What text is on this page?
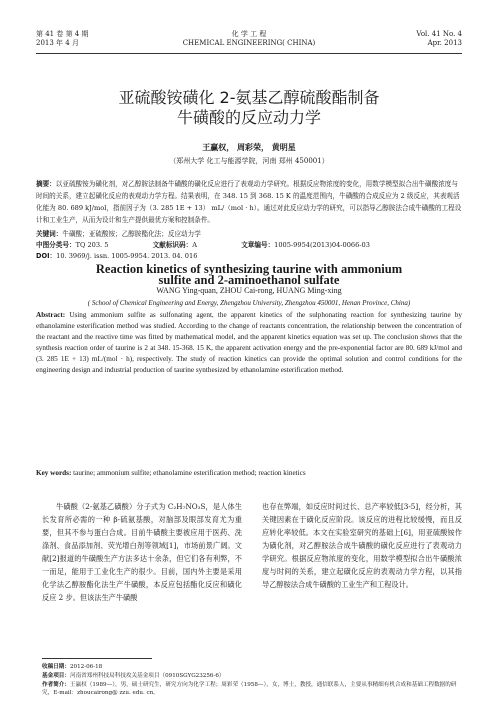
第 41 卷 第 4 期
2013 年 4 月
化 学 工 程
CHEMICAL ENGINEERING( CHINA)
Vol. 41 No. 4
Apr. 2013
亚硫酸铵磺化 2-氨基乙醇硫酸酯制备
牛磺酸的反应动力学
王赢权， 周彩荣， 黄明星
（郑州大学 化工与能源学院，河南 郑州 450001）
摘要：以亚硫酸铵为磺化剂，对乙醇胺法制备牛磺酸的磺化反应进行了表观动力学研究。根据反应物浓度的变化，用数学模型拟合出牛磺酸浓度与时间的关系，建立起磺化反应的表观动力学方程。结果表明，在 348. 15 到 368. 15 K 的温度范围内，牛磺酸的合成反应为 2 级反应，其表观活化能为 80. 689 kJ/mol，指前因子为（3. 285 1E + 13） mL/（mol · h）。通过对此反应动力学的研究，可以指导乙醇胺法合成牛磺酸的工程设计和工业生产，从而为设计和生产提供最优方案和控制条件。
关键词：牛磺酸；亚硫酸铵；乙醇胺酯化法；反应动力学
中图分类号：TQ 203. 5	文献标识码：A	文章编号：1005-9954(2013)04-0066-03
DOI：10. 3969/j. issn. 1005-9954. 2013. 04. 016
Reaction kinetics of synthesizing taurine with ammonium
sulfite and 2-aminoethanol sulfate
WANG Ying-quan, ZHOU Cai-rong, HUANG Ming-xing
( School of Chemical Engineering and Energy, Zhengzhou University, Zhengzhou 450001, Henan Province, China)
Abstract: Using ammonium sulfite as sulfonating agent, the apparent kinetics of the sulphonating reaction for synthesizing taurine by ethanolamine esterification method was studied. According to the change of reactants concentration, the relationship between the concentration of the reactant and the reactive time was fitted by mathematical model, and the apparent kinetics equation was set up. The conclusion shows that the synthesis reaction order of taurine is 2 at 348. 15-368. 15 K, the apparent activation energy and the pre-exponential factor are 80. 689 kJ/mol and (3. 285 1E + 13) mL/(mol · h), respectively. The study of reaction kinetics can provide the optimal solution and control conditions for the engineering design and industrial production of taurine synthesized by ethanolamine esterification method.
Key words: taurine; ammonium sulfite; ethanolamine esterification method; reaction kinetics
牛磺酸（2-氨基乙磺酸）分子式为 C₂H₇NO₃S，是人体生长发育所必需的一种 β-硫氨基酸，对脑部及眼部发育尤为重要，但其不参与蛋白合成。目前牛磺酸主要被应用于医药、洗涤剂、食品添加剂、荧光增白剂等领域[1]，市场前景广阔。文献[2]报道的牛磺酸生产方法多达十余条，但它们各有利弊，不一而足，能用于工业化生产的很少。目前，国内外主要是采用化学法乙醇胺酯化法生产牛磺酸，本反应包括酯化反应和磺化反应 2 步。但该法生产牛磺酸
也存在弊端，如反应时间过长、总产率较低[3-5]，经分析，其关键因素在于磺化反应阶段。该反应的进程比较缓慢，而且反应转化率较低。本文在实验室研究的基础上[6]，用亚硫酸铵作为磺化剂，对乙醇胺法合成牛磺酸的磺化反应进行了表观动力学研究。根据反应物浓度的变化，用数学模型拟合出牛磺酸浓度与时间的关系，建立起磺化反应的表观动力学方程，以其指导乙醇胺法合成牛磺酸的工业生产和工程设计。
收稿日期：2012-06-18
基金项目：河南省郑州科技局科技攻关基金项目（0910SGYG23256-6）
作者简介：王赢权（1989—），男，硕士研究生，研究方向为化学工程；周彩荣（1958—），女，博士，教授，通信联系人，主要从事精细有机合成和基础工程数据的研究，E-mail：zhoucairong@ zzu. edu. cn。
